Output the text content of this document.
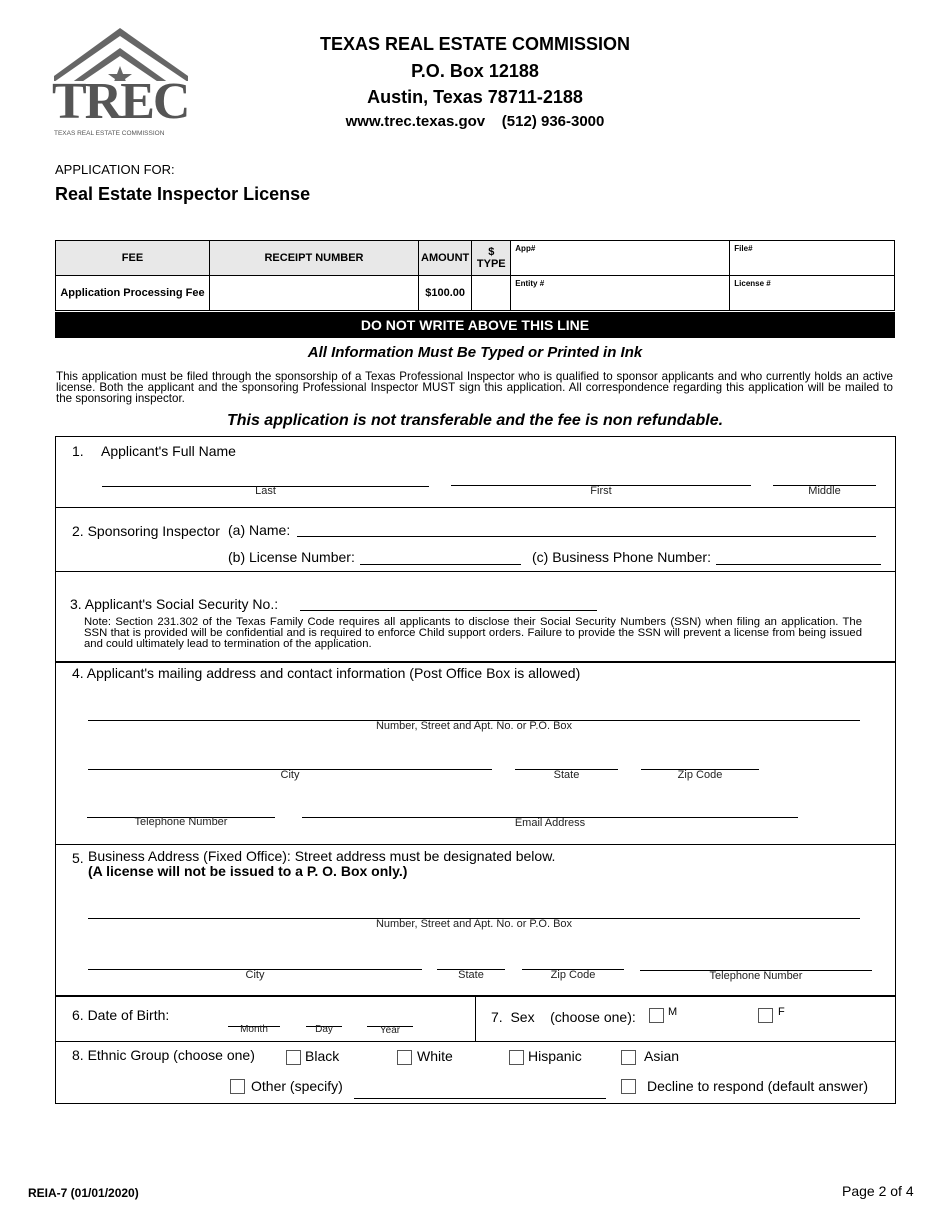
TREC
TEXAS REAL ESTATE COMMISSION
TEXAS REAL ESTATE COMMISSION
P.O. Box 12188
Austin, Texas 78711-2188
www.trec.texas.gov    (512) 936-3000
APPLICATION FOR:
Real Estate Inspector License
FEE	RECEIPT NUMBER	AMOUNT	$ TYPE	App#	File#
Application Processing Fee		$100.00		Entity #	License #
DO NOT WRITE ABOVE THIS LINE
All Information Must Be Typed or Printed in Ink
This application must be filed through the sponsorship of a Texas Professional Inspector who is qualified to sponsor applicants and who currently holds an active license. Both the applicant and the sponsoring Professional Inspector MUST sign this application. All correspondence regarding this application will be mailed to the sponsoring inspector.
This application is not transferable and the fee is non refundable.
1. Applicant's Full Name
Last	First	Middle
2. Sponsoring Inspector (a) Name:
(b) License Number:	(c) Business Phone Number:
3. Applicant's Social Security No.:
Note: Section 231.302 of the Texas Family Code requires all applicants to disclose their Social Security Numbers (SSN) when filing an application. The SSN that is provided will be confidential and is required to enforce Child support orders. Failure to provide the SSN will prevent a license from being issued and could ultimately lead to termination of the application.
4. Applicant's mailing address and contact information (Post Office Box is allowed)
Number, Street and Apt. No. or P.O. Box
City	State	Zip Code
Telephone Number	Email Address
5. Business Address (Fixed Office): Street address must be designated below.
(A license will not be issued to a P. O. Box only.)
Number, Street and Apt. No. or P.O. Box
City	State	Zip Code	Telephone Number
6. Date of Birth:
Month	Day	Year
7.  Sex    (choose one):	M	F
8. Ethnic Group (choose one)	Black	White	Hispanic	Asian
Other (specify)	Decline to respond (default answer)
REIA-7 (01/01/2020)	Page 2 of 4
